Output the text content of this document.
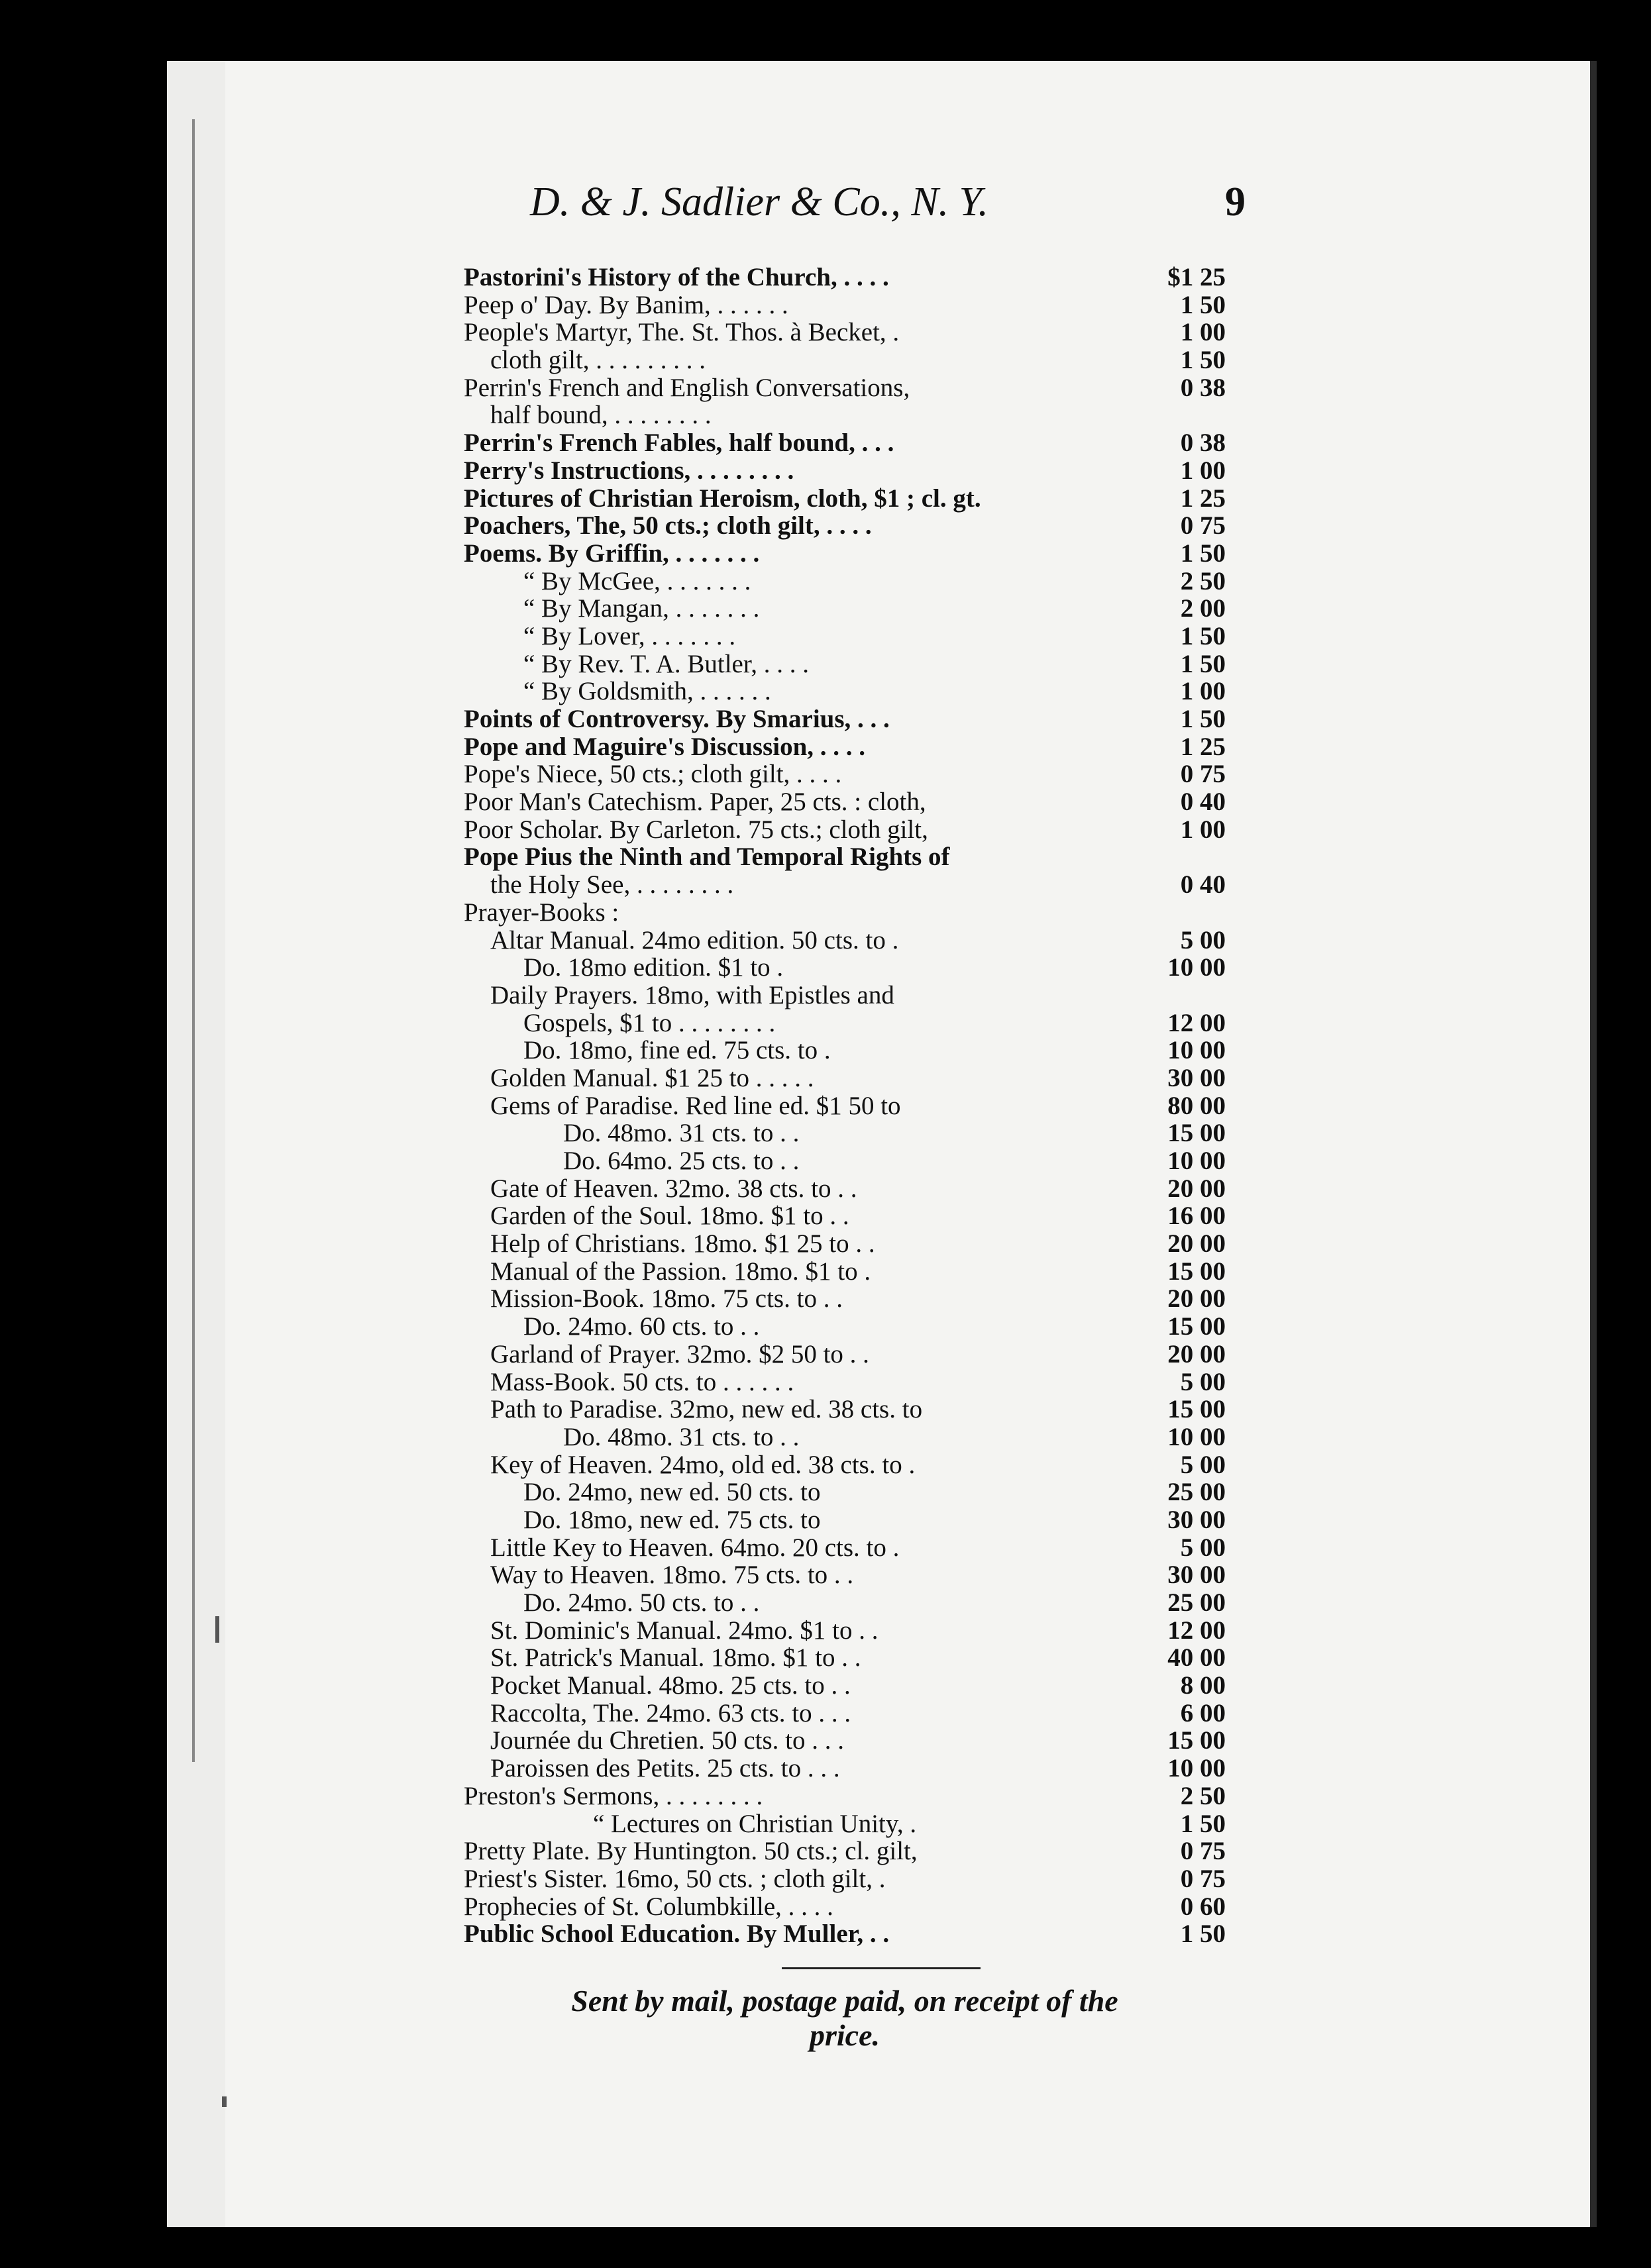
D. & J. Sadlier & Co., N. Y.	9
Pastorini's History of the Church, . . . .	$1 25
Peep o' Day. By Banim, . . . . . .	1 50
People's Martyr, The. St. Thos. à Becket, .	1 00
cloth gilt, . . . . . . . . .	1 50
Perrin's French and English Conversations,	0 38
half bound, . . . . . . . .
Perrin's French Fables, half bound, . . .	0 38
Perry's Instructions, . . . . . . . .	1 00
Pictures of Christian Heroism, cloth, $1 ; cl. gt.	1 25
Poachers, The, 50 cts.; cloth gilt, . . . .	0 75
Poems. By Griffin, . . . . . . .	1 50
“ By McGee, . . . . . . .	2 50
“ By Mangan, . . . . . . .	2 00
“ By Lover, . . . . . . .	1 50
“ By Rev. T. A. Butler, . . . .	1 50
“ By Goldsmith, . . . . . .	1 00
Points of Controversy. By Smarius, . . .	1 50
Pope and Maguire's Discussion, . . . .	1 25
Pope's Niece, 50 cts.; cloth gilt, . . . .	0 75
Poor Man's Catechism. Paper, 25 cts. : cloth,	0 40
Poor Scholar. By Carleton. 75 cts.; cloth gilt,	1 00
Pope Pius the Ninth and Temporal Rights of
the Holy See, . . . . . . . .	0 40
Prayer-Books :
Altar Manual. 24mo edition. 50 cts. to .	5 00
Do. 18mo edition. $1 to .	10 00
Daily Prayers. 18mo, with Epistles and
Gospels, $1 to . . . . . . . .	12 00
Do. 18mo, fine ed. 75 cts. to .	10 00
Golden Manual. $1 25 to . . . . .	30 00
Gems of Paradise. Red line ed. $1 50 to	80 00
Do. 48mo. 31 cts. to . .	15 00
Do. 64mo. 25 cts. to . .	10 00
Gate of Heaven. 32mo. 38 cts. to . .	20 00
Garden of the Soul. 18mo. $1 to . .	16 00
Help of Christians. 18mo. $1 25 to . .	20 00
Manual of the Passion. 18mo. $1 to .	15 00
Mission-Book. 18mo. 75 cts. to . .	20 00
Do. 24mo. 60 cts. to . .	15 00
Garland of Prayer. 32mo. $2 50 to . .	20 00
Mass-Book. 50 cts. to . . . . . .	5 00
Path to Paradise. 32mo, new ed. 38 cts. to	15 00
Do. 48mo. 31 cts. to . .	10 00
Key of Heaven. 24mo, old ed. 38 cts. to .	5 00
Do. 24mo, new ed. 50 cts. to	25 00
Do. 18mo, new ed. 75 cts. to	30 00
Little Key to Heaven. 64mo. 20 cts. to .	5 00
Way to Heaven. 18mo. 75 cts. to . .	30 00
Do. 24mo. 50 cts. to . .	25 00
St. Dominic's Manual. 24mo. $1 to . .	12 00
St. Patrick's Manual. 18mo. $1 to . .	40 00
Pocket Manual. 48mo. 25 cts. to . .	8 00
Raccolta, The. 24mo. 63 cts. to . . .	6 00
Journée du Chretien. 50 cts. to . . .	15 00
Paroissen des Petits. 25 cts. to . . .	10 00
Preston's Sermons, . . . . . . . .	2 50
“ Lectures on Christian Unity, .	1 50
Pretty Plate. By Huntington. 50 cts.; cl. gilt,	0 75
Priest's Sister. 16mo, 50 cts. ; cloth gilt, .	0 75
Prophecies of St. Columbkille, . . . .	0 60
Public School Education. By Muller, . .	1 50
Sent by mail, postage paid, on receipt of the
price.
